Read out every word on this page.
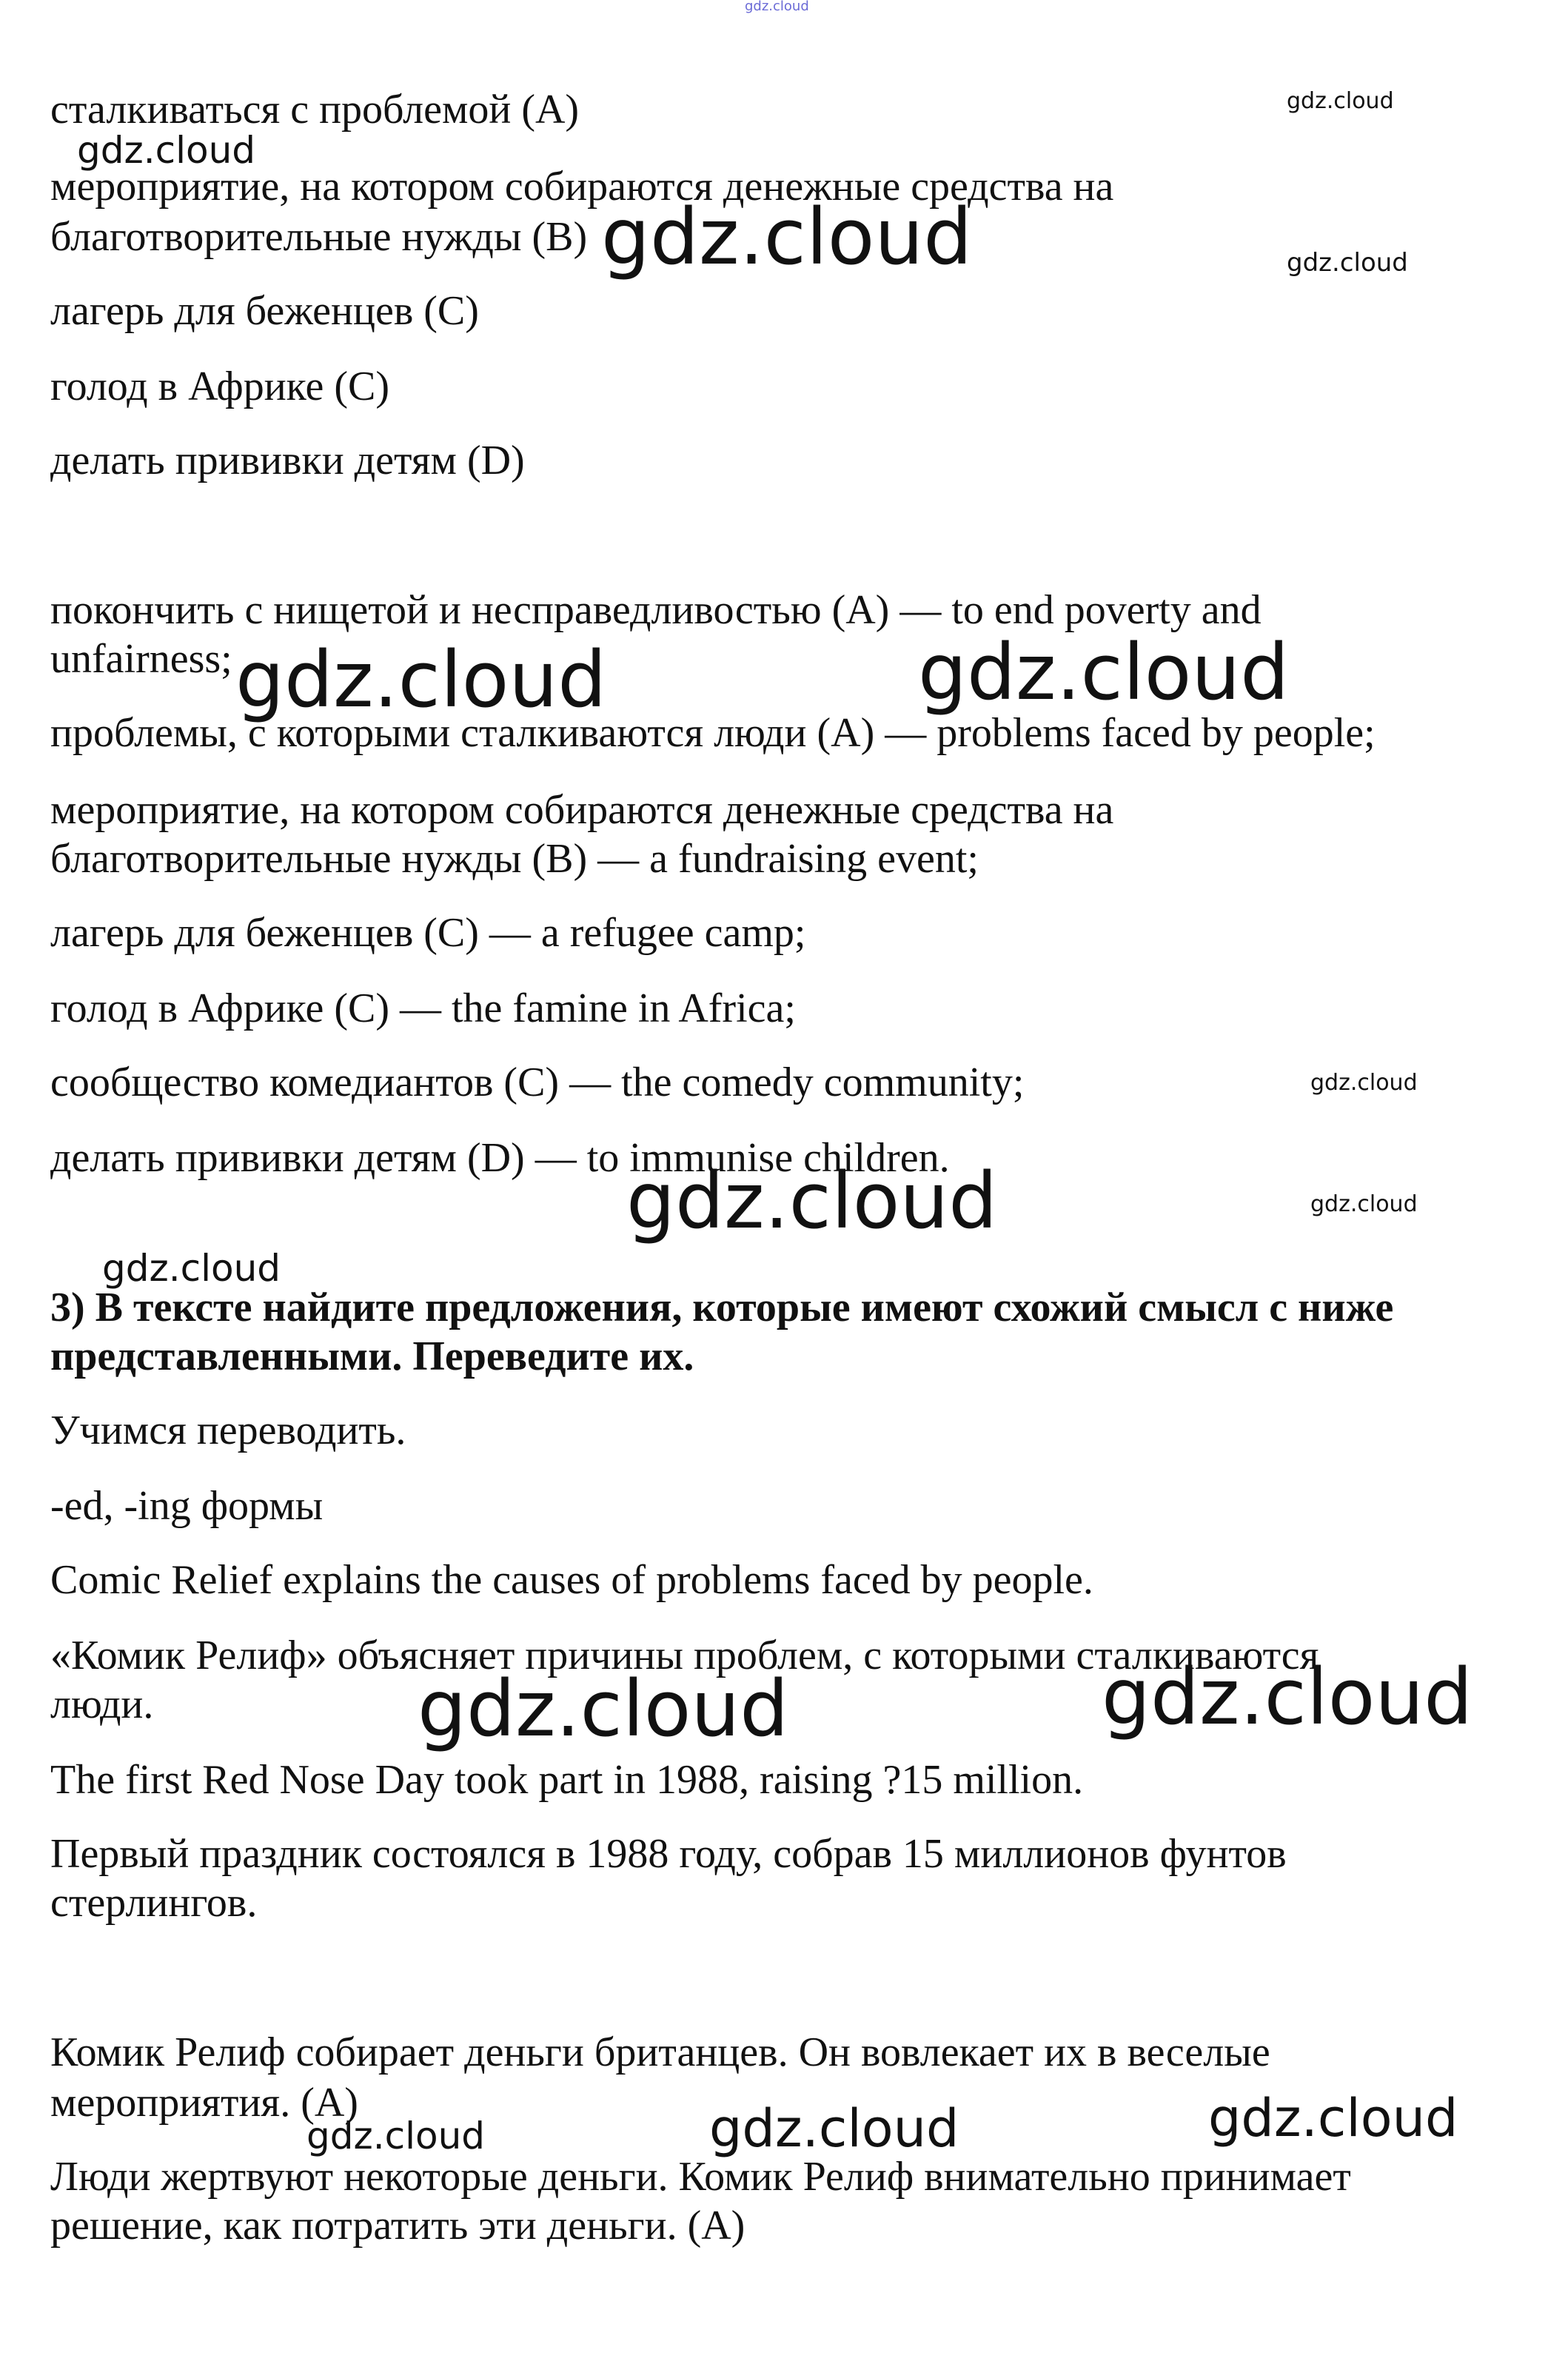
gdz.cloud

сталкиваться с проблемой (A)

мероприятие, на котором собираются денежные средства на

благотворительные нужды (B)

лагерь для беженцев (C)

голод в Африке (C)

делать прививки детям (D)

покончить с нищетой и несправедливостью (A) — to end poverty and

unfairness;

проблемы, с которыми сталкиваются люди (A) — problems faced by people;

мероприятие, на котором собираются денежные средства на

благотворительные нужды (B) — a fundraising event;

лагерь для беженцев (C) — a refugee camp;

голод в Африке (C) — the famine in Africa;

сообщество комедиантов (C) — the comedy community;

делать прививки детям (D) — to immunise children.

3) В тексте найдите предложения, которые имеют схожий смысл с ниже

представленными. Переведите их.

Учимся переводить.

-ed, -ing формы

Comic Relief explains the causes of problems faced by people.

«Комик Релиф» объясняет причины проблем, с которыми сталкиваются

люди.

The first Red Nose Day took part in 1988, raising ?15 million.

Первый праздник состоялся в 1988 году, собрав 15 миллионов фунтов

стерлингов.

Комик Релиф собирает деньги британцев. Он вовлекает их в веселые

мероприятия. (A)

Люди жертвуют некоторые деньги. Комик Релиф внимательно принимает

решение, как потратить эти деньги. (A)

gdz.cloud
gdz.cloud
gdz.cloud
gdz.cloud
gdz.cloud	gdz.cloud
gdz.cloud
gdz.cloud	gdz.cloud
gdz.cloud
gdz.cloud	gdz.cloud
gdz.cloud	gdz.cloud	gdz.cloud
